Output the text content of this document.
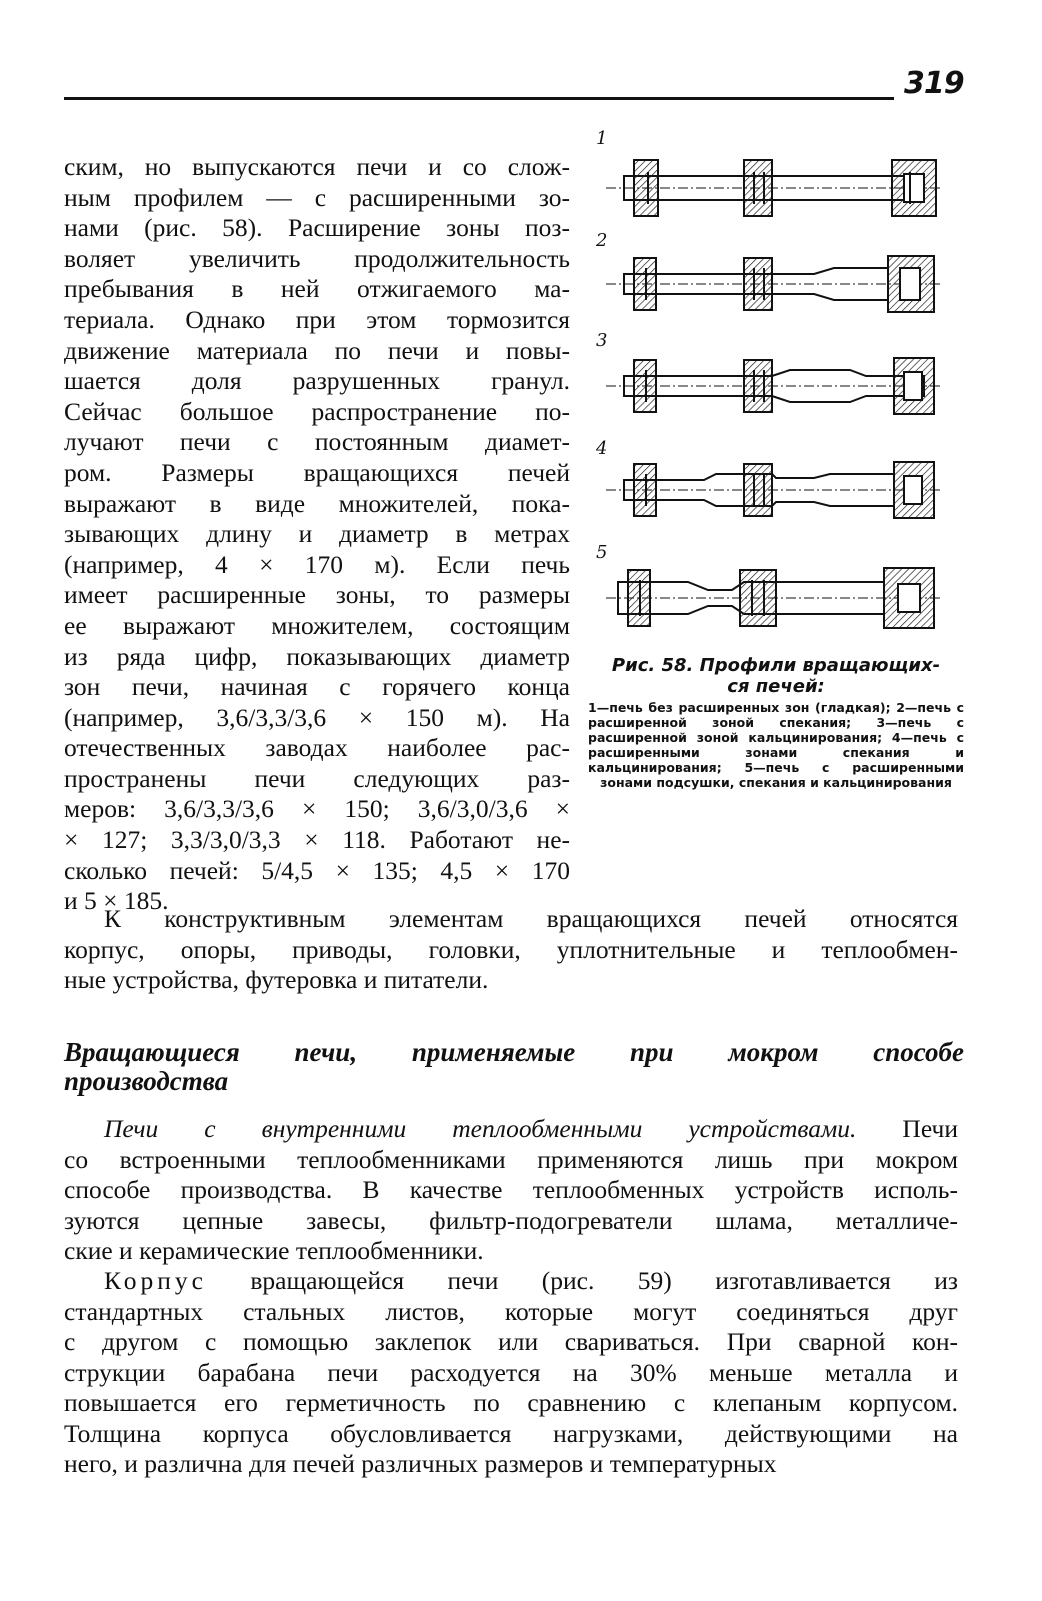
319
ским, но выпускаются печи и со слож-
ным профилем — с расширенными зо-
нами (рис. 58). Расширение зоны поз-
воляет увеличить продолжительность
пребывания в ней отжигаемого ма-
териала. Однако при этом тормозится
движение материала по печи и повы-
шается доля разрушенных гранул.
Сейчас большое распространение по-
лучают печи с постоянным диамет-
ром. Размеры вращающихся печей
выражают в виде множителей, пока-
зывающих длину и диаметр в метрах
(например, 4 × 170 м). Если печь
имеет расширенные зоны, то размеры
ее выражают множителем, состоящим
из ряда цифр, показывающих диаметр
зон печи, начиная с горячего конца
(например, 3,6/3,3/3,6 × 150 м). На
отечественных заводах наиболее рас-
пространены печи следующих раз-
меров: 3,6/3,3/3,6 × 150; 3,6/3,0/3,6 ×
× 127; 3,3/3,0/3,3 × 118. Работают не-
сколько печей: 5/4,5 × 135; 4,5 × 170
и 5 × 185.
1
2
3
4
5
Рис. 58. Профили вращающих-
ся печей:
1—печь без расширенных зон (гладкая); 2—печь с расширенной зоной спекания; 3—печь с расширенной зоной кальцинирования; 4—печь с расширенными зонами спекания и кальцинирования; 5—печь с расширенными зонами подсушки, спекания и кальцинирования
К конструктивным элементам вращающихся печей относятся
корпус, опоры, приводы, головки, уплотнительные и теплообмен-
ные устройства, футеровка и питатели.
Вращающиеся печи, применяемые при мокром способе
производства
Печи с внутренними теплообменными устройствами. Печи
со встроенными теплообменниками применяются лишь при мокром
способе производства. В качестве теплообменных устройств исполь-
зуются цепные завесы, фильтр-подогреватели шлама, металличе-
ские и керамические теплообменники.
Корпус вращающейся печи (рис. 59) изготавливается из
стандартных стальных листов, которые могут соединяться друг
с другом с помощью заклепок или свариваться. При сварной кон-
струкции барабана печи расходуется на 30% меньше металла и
повышается его герметичность по сравнению с клепаным корпусом.
Толщина корпуса обусловливается нагрузками, действующими на
него, и различна для печей различных размеров и температурных
